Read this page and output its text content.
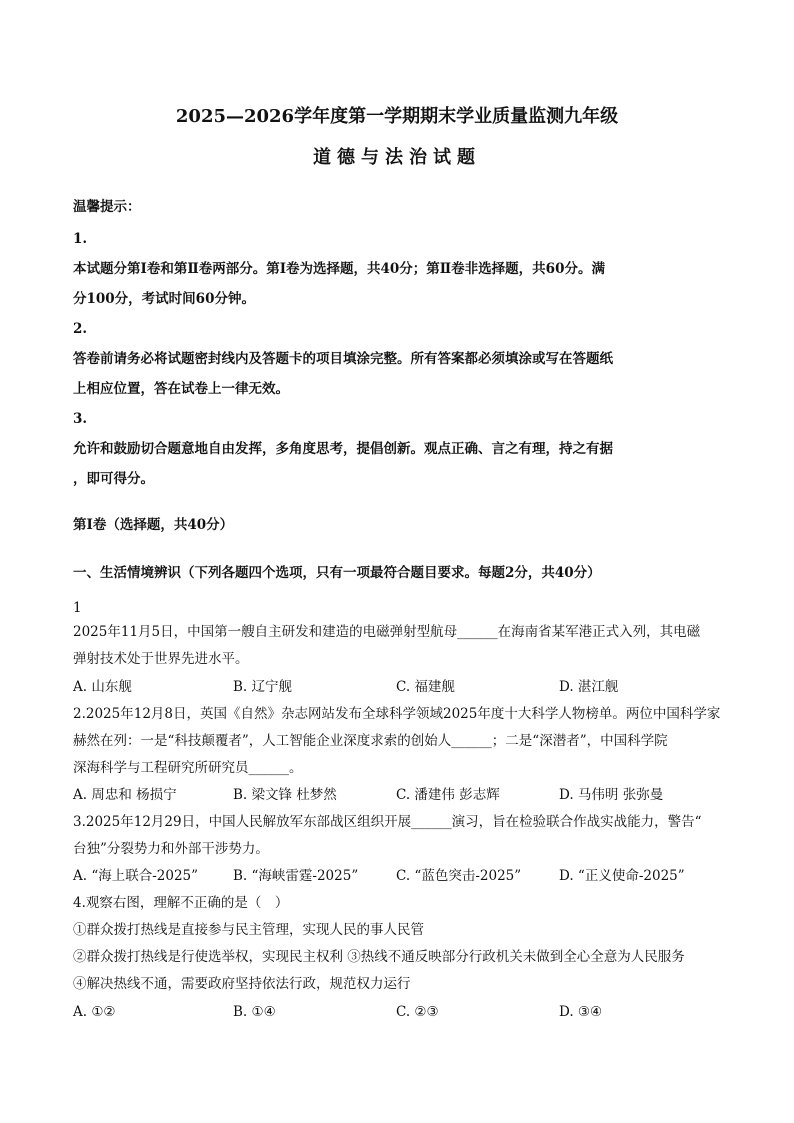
2025—2026学年度第一学期期末学业质量监测九年级
道德与法治试题
温馨提示：
1.
本试题分第Ⅰ卷和第Ⅱ卷两部分。第Ⅰ卷为选择题，共40分；第Ⅱ卷非选择题，共60分。满
分100分，考试时间60分钟。
2.
答卷前请务必将试题密封线内及答题卡的项目填涂完整。所有答案都必须填涂或写在答题纸
上相应位置，答在试卷上一律无效。
3.
允许和鼓励切合题意地自由发挥，多角度思考，提倡创新。观点正确、言之有理，持之有据
，即可得分。
第Ⅰ卷（选择题，共40分）
一、生活情境辨识（下列各题四个选项，只有一项最符合题目要求。每题2分，共40分）
1
2025年11月5日，中国第一艘自主研发和建造的电磁弹射型航母______在海南省某军港正式入列，其电磁
弹射技术处于世界先进水平。
A. 山东舰	B. 辽宁舰	C. 福建舰	D. 湛江舰
2.2025年12月8日，英国《自然》杂志网站发布全球科学领域2025年度十大科学人物榜单。两位中国科学家
赫然在列：一是“科技颠覆者”，人工智能企业深度求索的创始人______；二是“深潜者”，中国科学院
深海科学与工程研究所研究员______。
A. 周忠和 杨损宁	B. 梁文锋 杜梦然	C. 潘建伟 彭志辉	D. 马伟明 张弥曼
3.2025年12月29日，中国人民解放军东部战区组织开展______演习，旨在检验联合作战实战能力，警告“
台独”分裂势力和外部干涉势力。
A. “海上联合-2025”	B. “海峡雷霆-2025”	C. “蓝色突击-2025”	D. “正义使命-2025”
4.观察右图，理解不正确的是（　）
①群众拨打热线是直接参与民主管理，实现人民的事人民管
②群众拨打热线是行使选举权，实现民主权利 ③热线不通反映部分行政机关未做到全心全意为人民服务
④解决热线不通，需要政府坚持依法行政，规范权力运行
A. ①②	B. ①④	C. ②③	D. ③④
